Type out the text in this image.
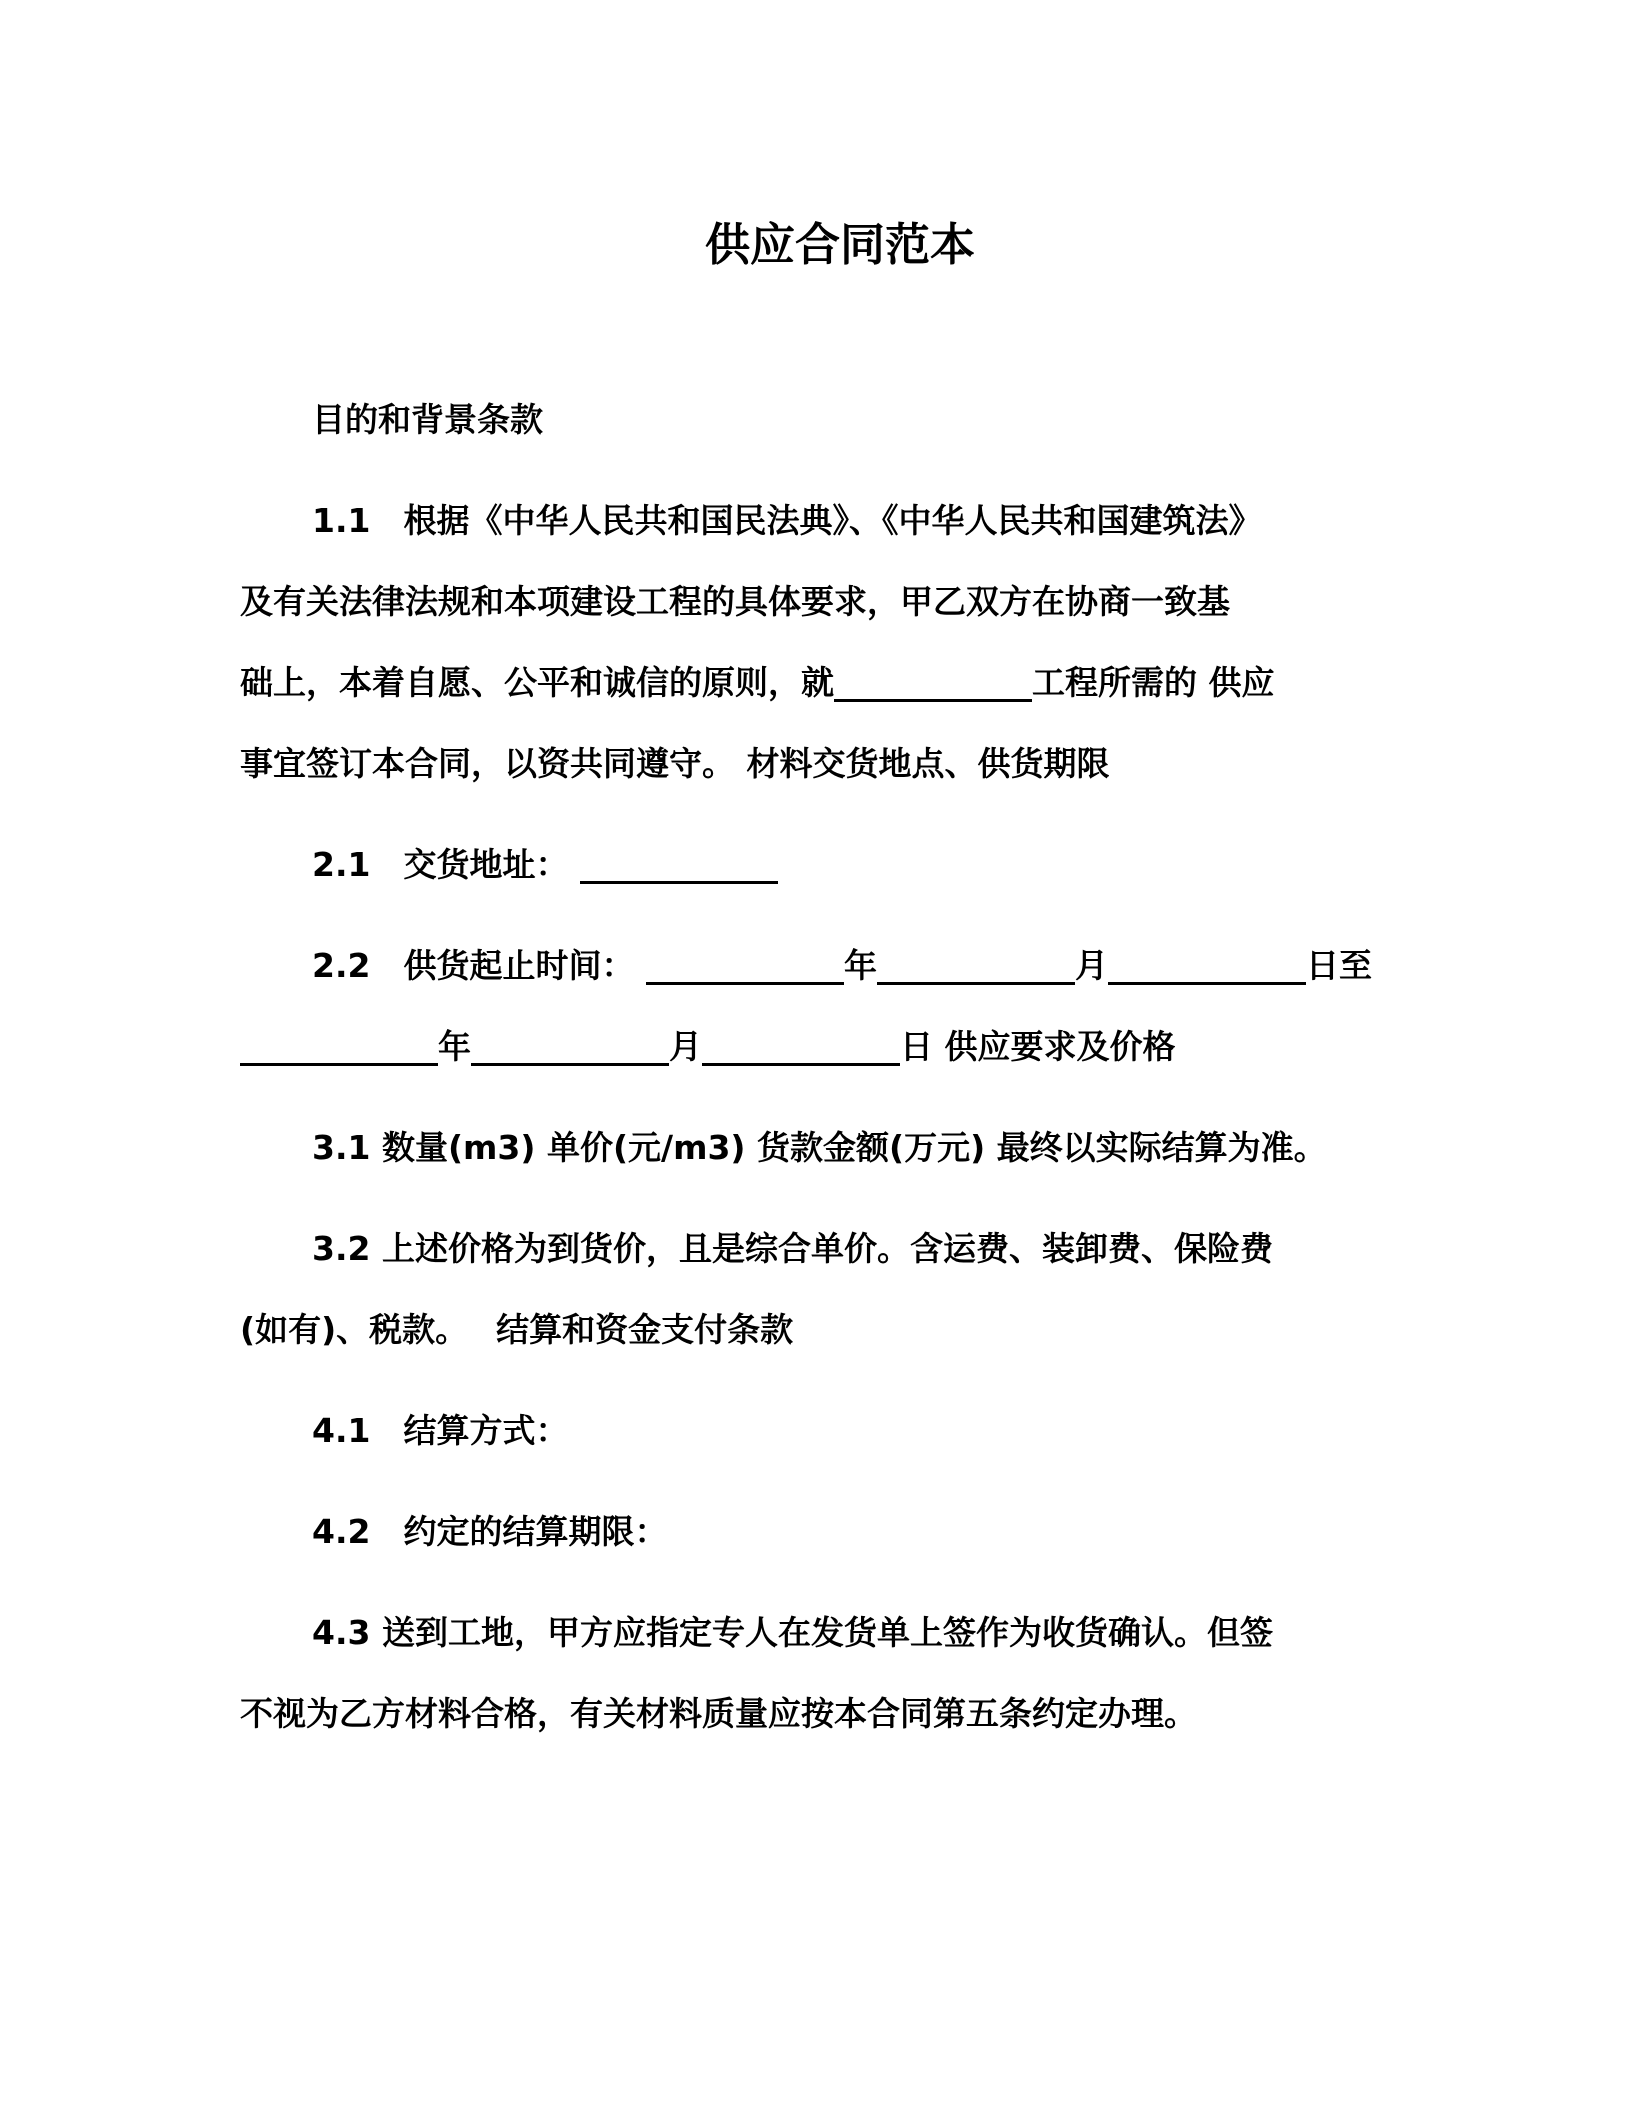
供应合同范本
目的和背景条款
1.1　根据《中华人民共和国民法典》、《中华人民共和国建筑法》
及有关法律法规和本项建设工程的具体要求，甲乙双方在协商一致基
础上，本着自愿、公平和诚信的原则，就____________工程所需的 供应
事宜签订本合同，以资共同遵守。 材料交货地点、供货期限
2.1　交货地址： ____________
2.2　供货起止时间： ____________年____________月____________日至
____________年____________月____________日 供应要求及价格
3.1 数量(m3) 单价(元/m3) 货款金额(万元) 最终以实际结算为准。
3.2 上述价格为到货价，且是综合单价。含运费、装卸费、保险费
(如有)、税款。　 结算和资金支付条款
4.1　结算方式：
4.2　约定的结算期限：
4.3 送到工地，甲方应指定专人在发货单上签作为收货确认。但签
不视为乙方材料合格，有关材料质量应按本合同第五条约定办理。
